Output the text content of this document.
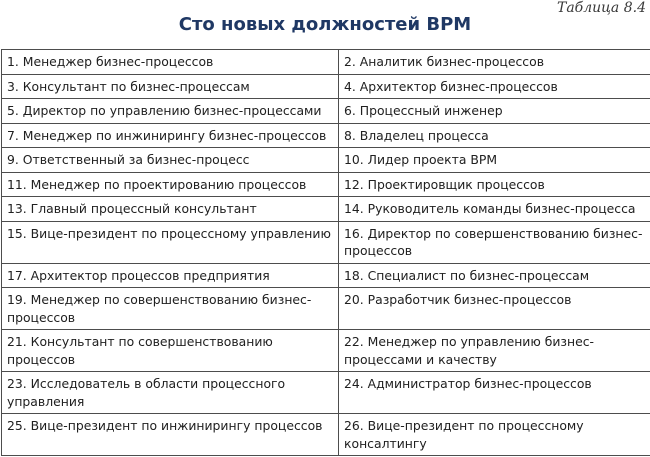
Таблица 8.4
Сто новых должностей BPM
1. Менеджер бизнес-процессов	2. Аналитик бизнес-процессов
3. Консультант по бизнес-процессам	4. Архитектор бизнес-процессов
5. Директор по управлению бизнес-процессами	6. Процессный инженер
7. Менеджер по инжинирингу бизнес-процессов	8. Владелец процесса
9. Ответственный за бизнес-процесс	10. Лидер проекта BPM
11. Менеджер по проектированию процессов	12. Проектировщик процессов
13. Главный процессный консультант	14. Руководитель команды бизнес-процесса
15. Вице-президент по процессному управлению	16. Директор по совершенствованию бизнес-процессов
17. Архитектор процессов предприятия	18. Специалист по бизнес-процессам
19. Менеджер по совершенствованию бизнес-процессов	20. Разработчик бизнес-процессов
21. Консультант по совершенствованию процессов	22. Менеджер по управлению бизнес-процессами и качеству
23. Исследователь в области процессного управления	24. Администратор бизнес-процессов
25. Вице-президент по инжинирингу процессов	26. Вице-президент по процессному консалтингу
